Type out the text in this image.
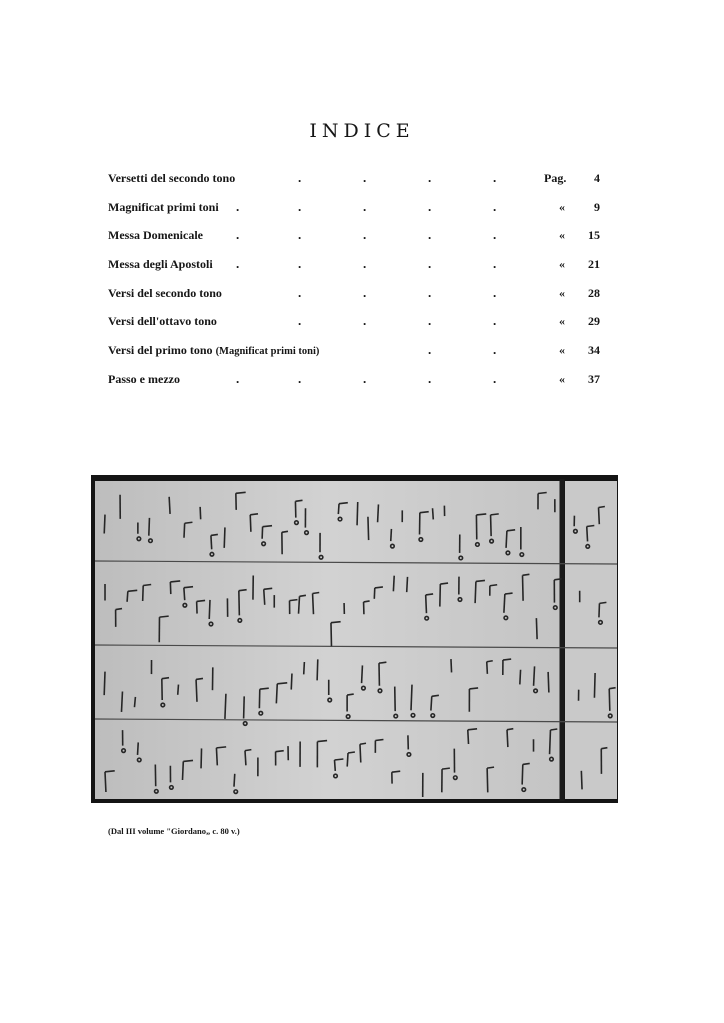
INDICE
Versetti del secondo tono	.	.	.	.	Pag. 4
Magnificat primi toni .	.	.	.	.	« 9
Messa Domenicale	.	.	.	.	.	« 15
Messa degli Apostoli .	.	.	.	.	« 21
Versi del secondo tono	.	.	.	.	« 28
Versi dell'ottavo tono	.	.	.	.	« 29
Versi del primo tono (Magnificat primi toni)	.	.	« 34
Passo e mezzo	.	.	.	.	.	« 37
(Dal III volume "Giordano„ c. 80 v.)
